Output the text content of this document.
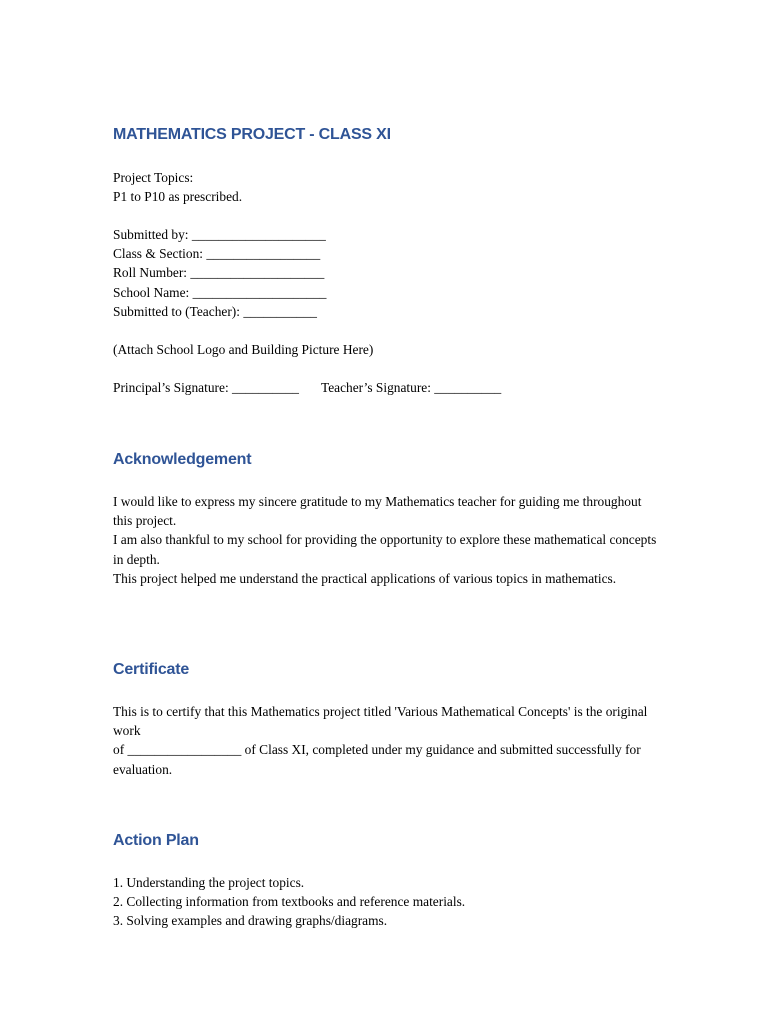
MATHEMATICS PROJECT - CLASS XI
Project Topics:
P1 to P10 as prescribed.
Submitted by: ____________________
Class & Section: _________________
Roll Number: ____________________
School Name: ____________________
Submitted to (Teacher): ___________
(Attach School Logo and Building Picture Here)
Principal’s Signature: __________ Teacher’s Signature: __________
Acknowledgement
I would like to express my sincere gratitude to my Mathematics teacher for guiding me throughout this project.
I am also thankful to my school for providing the opportunity to explore these mathematical concepts in depth.
This project helped me understand the practical applications of various topics in mathematics.
Certificate
This is to certify that this Mathematics project titled 'Various Mathematical Concepts' is the original work
of _________________ of Class XI, completed under my guidance and submitted successfully for evaluation.
Action Plan
1. Understanding the project topics.
2. Collecting information from textbooks and reference materials.
3. Solving examples and drawing graphs/diagrams.
